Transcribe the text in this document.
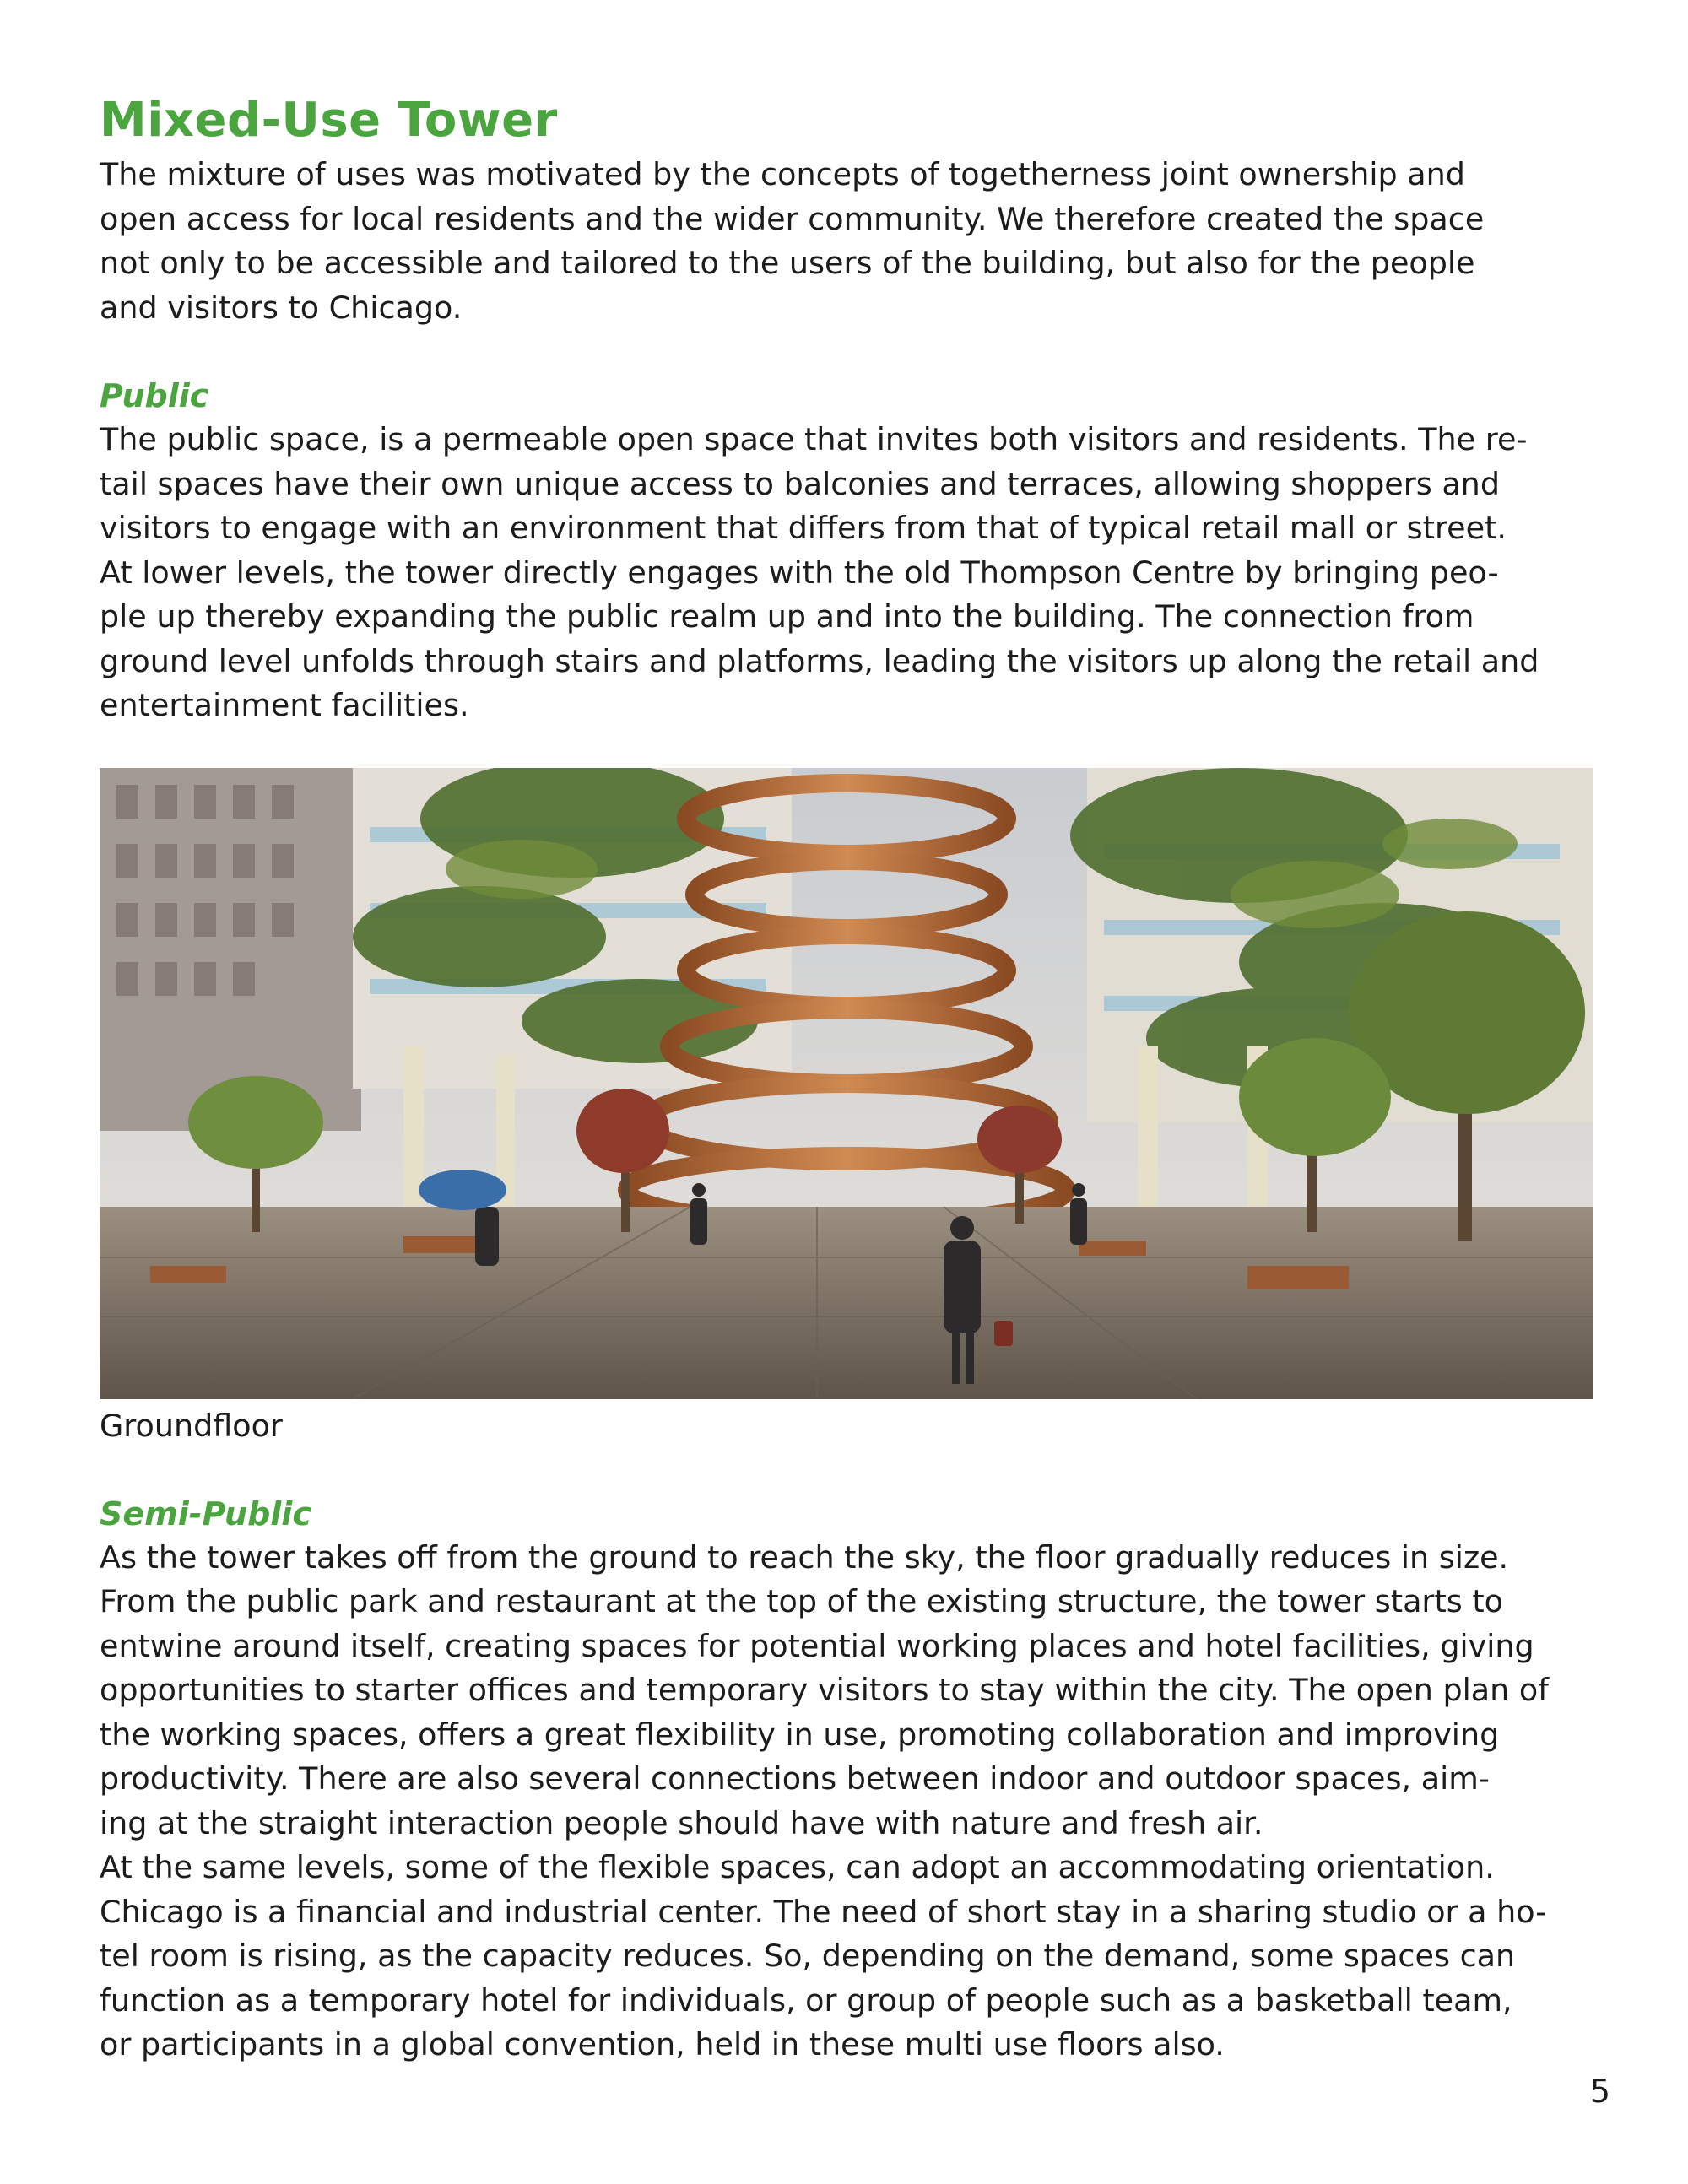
Mixed-Use Tower

The mixture of uses was motivated by the concepts of togetherness joint ownership and
open access for local residents and the wider community. We therefore created the space
not only to be accessible and tailored to the users of the building, but also for the people
and visitors to Chicago.

Public

The public space, is a permeable open space that invites both visitors and residents. The re-
tail spaces have their own unique access to balconies and terraces, allowing shoppers and
visitors to engage with an environment that differs from that of typical retail mall or street.
At lower levels, the tower directly engages with the old Thompson Centre by bringing peo-
ple up thereby expanding the public realm up and into the building. The connection from
ground level unfolds through stairs and platforms, leading the visitors up along the retail and
entertainment facilities.

Groundfloor
Semi-Public

As the tower takes off from the ground to reach the sky, the floor gradually reduces in size.
From the public park and restaurant at the top of the existing structure, the tower starts to
entwine around itself, creating spaces for potential working places and hotel facilities, giving
opportunities to starter offices and temporary visitors to stay within the city. The open plan of
the working spaces, offers a great flexibility in use, promoting collaboration and improving
productivity. There are also several connections between indoor and outdoor spaces, aim-
ing at the straight interaction people should have with nature and fresh air.
At the same levels, some of the flexible spaces, can adopt an accommodating orientation.
Chicago is a financial and industrial center. The need of short stay in a sharing studio or a ho-
tel room is rising, as the capacity reduces. So, depending on the demand, some spaces can
function as a temporary hotel for individuals, or group of people such as a basketball team,
or participants in a global convention, held in these multi use floors also.

5
